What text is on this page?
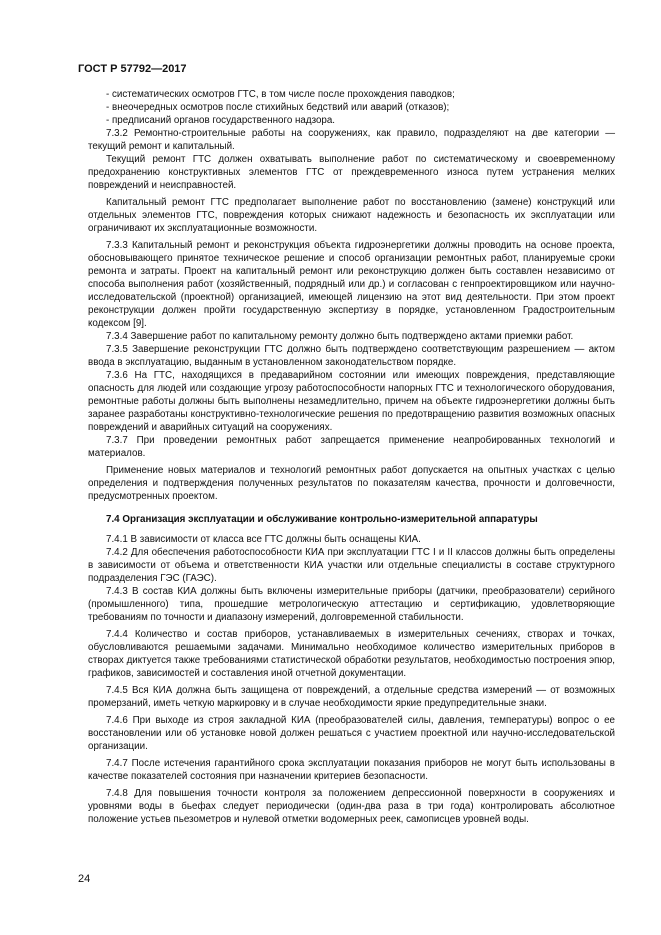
ГОСТ Р 57792—2017

- систематических осмотров ГТС, в том числе после прохождения паводков;

- внеочередных осмотров после стихийных бедствий или аварий (отказов);

- предписаний органов государственного надзора.

7.3.2 Ремонтно-строительные работы на сооружениях, как правило, подразделяют на две категории — текущий ремонт и капитальный.

Текущий ремонт ГТС должен охватывать выполнение работ по систематическому и своевременному предохранению конструктивных элементов ГТС от преждевременного износа путем устранения мелких повреждений и неисправностей.

Капитальный ремонт ГТС предполагает выполнение работ по восстановлению (замене) конструкций или отдельных элементов ГТС, повреждения которых снижают надежность и безопасность их эксплуатации или ограничивают их эксплуатационные возможности.

7.3.3 Капитальный ремонт и реконструкция объекта гидроэнергетики должны проводить на основе проекта, обосновывающего принятое техническое решение и способ организации ремонтных работ, планируемые сроки ремонта и затраты. Проект на капитальный ремонт или реконструкцию должен быть составлен независимо от способа выполнения работ (хозяйственный, подрядный или др.) и согласован с генпроектировщиком или научно-исследовательской (проектной) организацией, имеющей лицензию на этот вид деятельности. При этом проект реконструкции должен пройти государственную экспертизу в порядке, установленном Градостроительным кодексом [9].

7.3.4 Завершение работ по капитальному ремонту должно быть подтверждено актами приемки работ.

7.3.5 Завершение реконструкции ГТС должно быть подтверждено соответствующим разрешением — актом ввода в эксплуатацию, выданным в установленном законодательством порядке.

7.3.6 На ГТС, находящихся в предаварийном состоянии или имеющих повреждения, представляющие опасность для людей или создающие угрозу работоспособности напорных ГТС и технологического оборудования, ремонтные работы должны быть выполнены незамедлительно, причем на объекте гидроэнергетики должны быть заранее разработаны конструктивно-технологические решения по предотвращению развития возможных опасных повреждений и аварийных ситуаций на сооружениях.

7.3.7 При проведении ремонтных работ запрещается применение неапробированных технологий и материалов.

Применение новых материалов и технологий ремонтных работ допускается на опытных участках с целью определения и подтверждения полученных результатов по показателям качества, прочности и долговечности, предусмотренных проектом.

7.4 Организация эксплуатации и обслуживание контрольно-измерительной аппаратуры

7.4.1 В зависимости от класса все ГТС должны быть оснащены КИА.

7.4.2 Для обеспечения работоспособности КИА при эксплуатации ГТС I и II классов должны быть определены в зависимости от объема и ответственности КИА участки или отдельные специалисты в составе структурного подразделения ГЭС (ГАЭС).

7.4.3 В состав КИА должны быть включены измерительные приборы (датчики, преобразователи) серийного (промышленного) типа, прошедшие метрологическую аттестацию и сертификацию, удовлетворяющие требованиям по точности и диапазону измерений, долговременной стабильности.

7.4.4 Количество и состав приборов, устанавливаемых в измерительных сечениях, створах и точках, обусловливаются решаемыми задачами. Минимально необходимое количество измерительных приборов в створах диктуется также требованиями статистической обработки результатов, необходимостью построения эпюр, графиков, зависимостей и составления иной отчетной документации.

7.4.5 Вся КИА должна быть защищена от повреждений, а отдельные средства измерений — от возможных промерзаний, иметь четкую маркировку и в случае необходимости яркие предупредительные знаки.

7.4.6 При выходе из строя закладной КИА (преобразователей силы, давления, температуры) вопрос о ее восстановлении или об установке новой должен решаться с участием проектной или научно-исследовательской организации.

7.4.7 После истечения гарантийного срока эксплуатации показания приборов не могут быть использованы в качестве показателей состояния при назначении критериев безопасности.

7.4.8 Для повышения точности контроля за положением депрессионной поверхности в сооружениях и уровнями воды в бьефах следует периодически (один-два раза в три года) контролировать абсолютное положение устьев пьезометров и нулевой отметки водомерных реек, самописцев уровней воды.

24
